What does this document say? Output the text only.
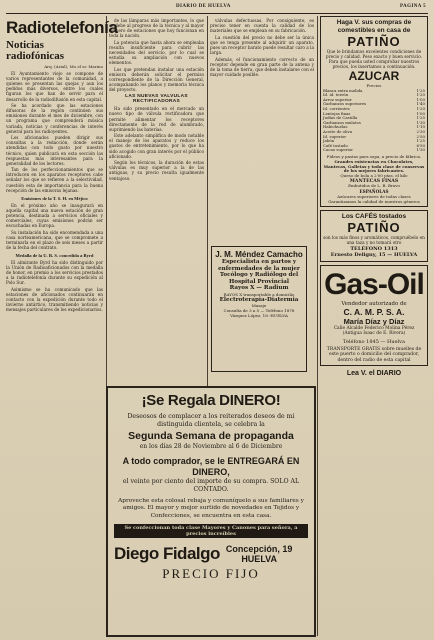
DIARIO DE HUELVA	PAGINA 5
Radiotelefonía
Noticias radiofónicas
Arq. (Arial), Mo el sr. Marino

El Ayuntamiento viejo se compone de varios representantes de la comunidad, a quienes se presentan las quejas y aun los pedidos más diversos, entre los cuales figuran los que han de servir para el desarrollo de la radiodifusión en esta capital.

Se ha acordado que las estaciones difusoras de la región continúen sus emisiones durante el mes de diciembre, con un programa que comprenderá música variada, noticias y conferencias de interés general para los radioyentes.

Los aficionados pueden dirigir sus consultas a la redacción, donde serán atendidas con todo gusto por nuestro técnico, quien publicará en esta sección las respuestas más interesantes para la generalidad de los lectores.

Tan de los perfeccionamientos que se introducen en los aparatos receptores cabe señalar los que se refieren a la selectividad, cuestión esta de importancia para la buena recepción de las emisoras lejanas.

Emisiones de la T. S. H. en Méjico

En el próximo año se inaugurará en aquella capital una nueva estación de gran potencia, destinada a servicios oficiales y comerciales, cuyas emisiones podrán ser escuchadas en Europa.

Su instalación ha sido encomendada a una casa norteamericana, que se compromete a terminarla en el plazo de seis meses a partir de la fecha del contrato.

Medalla de la U. R. S. concedida a Byrd

El almirante Byrd ha sido distinguido por la Unión de Radioaficionados con la medalla de honor, en premio a los servicios prestados a la radiotelefonía durante su expedición al Polo Sur.

Asimismo se ha comunicado que las estaciones de aficionados continuarán en contacto con la expedición durante todo el invierno antártico, transmitiendo noticias y mensajes particulares de los expedicionarios.

de las lámparas más importantes, lo que se debe al progreso de la técnica y al mayor número de estaciones que hoy funcionan en toda la nación.

La potencia que hasta ahora se empleaba resulta insuficiente para cubrir las necesidades del servicio, por lo cual se estudia su ampliación con nuevos elementos.

Los que pretendan instalar una estación emisora deberán solicitar el permiso correspondiente de la Dirección General, acompañando los planos y memoria técnica del proyecto.

LAS NUEVAS VALVULAS RECTIFICADORAS

Ha sido presentado en el mercado un nuevo tipo de válvula rectificadora que permite alimentar los receptores directamente de la red de alumbrado, suprimiendo las baterías.

Este adelanto simplifica de modo notable el manejo de los aparatos y reduce los gastos de entretenimiento, por lo que ha sido acogido con gran interés por el público aficionado.

Según los técnicos, la duración de estas válvulas es muy superior a la de las antiguas, y su precio resulta igualmente ventajoso.

válvulas defectuosas. Por consiguiente, es preciso tener en cuenta la calidad de los materiales que se emplean en su fabricación.

La cuestión del precio no debe ser la única que se tenga presente al adquirir un aparato, pues un receptor barato puede resultar caro a la larga.

Además, el funcionamiento correcto de un receptor depende en gran parte de la antena y de la toma de tierra, que deben instalarse con el mayor cuidado posible.

J. M. Méndez Camacho
Especialista en partos y enfermedades de la mujer
Tocólogo y Radiólogo del Hospital Provincial
Rayos X — Radium
RAYOS X transportable a domicilio
Electroterapia-Diatermia
Masaje
Consulta de 3 a 5 — Teléfono 1878
Vázquez López, 18.-HUELVA
Haga V. sus compras de comestibles en casa de
PATIÑO
Que le brindamos excelentes condiciones de precio y calidad. Peso exacto y buen servicio. Para que pueda usted comprobar nuestros precios, los insertamos a continuación.
AZUCAR
Precios
Blanca extra molida	1'25
Id. id. terrón	1'20
Arroz superior	1'00
Garbanzos superiores	1'40
Id. corrientes	1'20
Lentejas finas	1'00
Judías de Castilla	1'25
Garbanzos mulatos	1'30
Habichuelas	1'10
Aceite de oliva	2'30
Id. superior	2'50
Jabón	1'25
Café tostado	6'50
Cacao superior	1'30
Fideos y pastas para sopa, a precio de fábrica.
Grandes existencias en Chocolates, Mantecas, Galletas y toda clase de conservas de los mejores fabricantes.
Queso de bola a 2'00 ptas. el kilo
MANTECAS FINAS
Embutidos de L. B. Bravo
ESPAÑOLAS
Azúcares superiores de todas clases
Garantizamos la calidad de nuestros géneros
Los CAFÉS tostados
PATIÑO
son los más finos y aromáticos, compruébelo en una taza y no tomará otro
TELÉFONO 1313
Ernesto Deligny, 15 — HUELVA
Gas-Oil
Vendedor autorizado de
C. A. M. P. S. A.
María Díaz y Díaz
Calle Alcalde Federico Molina Pérez
(Antigua Isaac de E. Rivera)
Teléfono 1845 — Huelva
TRANSPORTE GRATIS sobre muelles de este puerto o domicilio del comprador, dentro del radio de esta capital
Lea V. el DIARIO
¡Se Regala DINERO!
Deseosos de complacer a los reiterados deseos de mi distinguida clientela, se celebra la
Segunda Semana de propaganda
en los días 28 de Noviembre al 6 de Diciembre
A todo comprador, se le ENTREGARÁ EN DINERO,
el veinte por ciento del importe de su compra. SOLO AL CONTADO.
Aproveche esta colosal rebaja y comuníquelo a sus familiares y amigos. El mayor y mejor surtido de novedades en Tejidos y Confecciones, se encuentra en esta casa.
Se confeccionan toda clase Mayores y Canones para señora, a precios increíbles
Diego Fidalgo Concepción, 19
HUELVA
PRECIO FIJO
